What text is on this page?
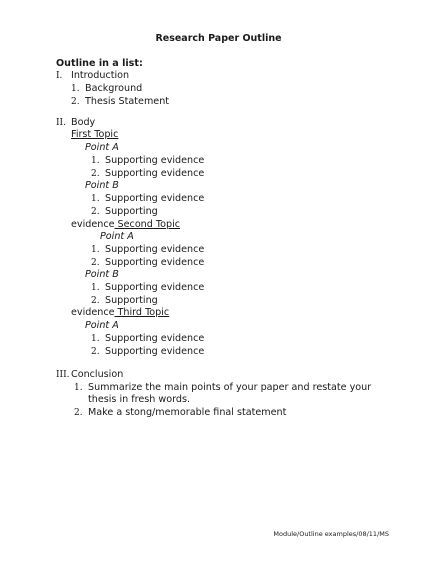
Research Paper Outline
Outline in a list:
I. Introduction
1. Background
2. Thesis Statement
II. Body
First Topic
Point A
1. Supporting evidence
2. Supporting evidence
Point B
1. Supporting evidence
2. Supporting
evidence Second Topic
Point A
1. Supporting evidence
2. Supporting evidence
Point B
1. Supporting evidence
2. Supporting
evidence Third Topic
Point A
1. Supporting evidence
2. Supporting evidence
III.Conclusion
1. Summarize the main points of your paper and restate your thesis in fresh words.
2. Make a stong/memorable final statement
Module/Outline examples/08/11/MS
